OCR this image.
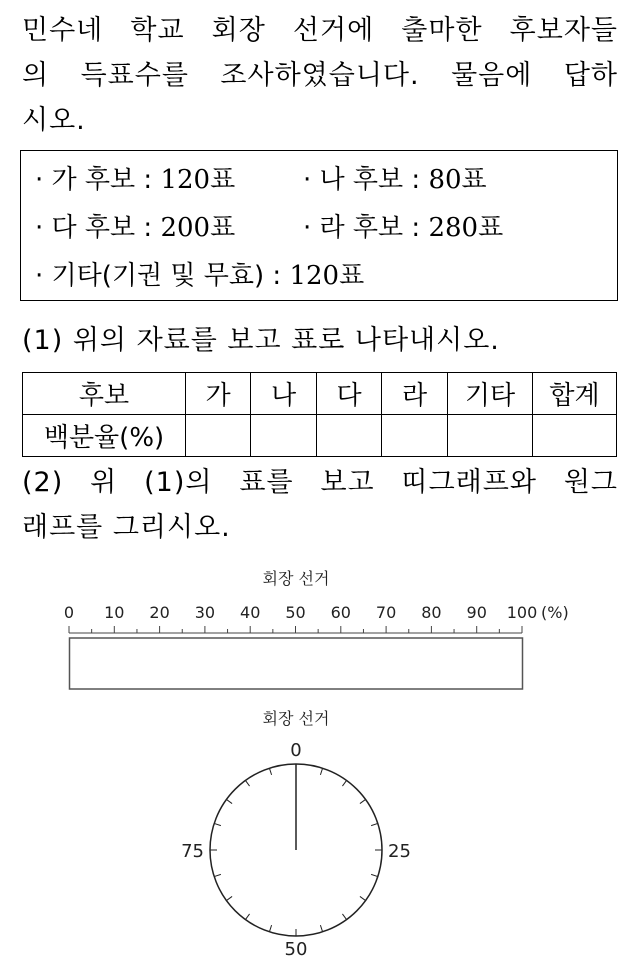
민수네 학교 회장 선거에 출마한 후보자들
의 득표수를 조사하였습니다. 물음에 답하
시오.
· 가 후보 : 120표	· 나 후보 : 80표
· 다 후보 : 200표	· 라 후보 : 280표
· 기타(기권 및 무효) : 120표
(1) 위의 자료를 보고 표로 나타내시오.
후보	가	나	다	라	기타	합계
백분율(%)						
(2) 위 (1)의 표를 보고 띠그래프와 원그
래프를 그리시오.
회장 선거
(%)
0 10 20 30 40 50 60 70 80 90 100
회장 선거
0
25
50
75
